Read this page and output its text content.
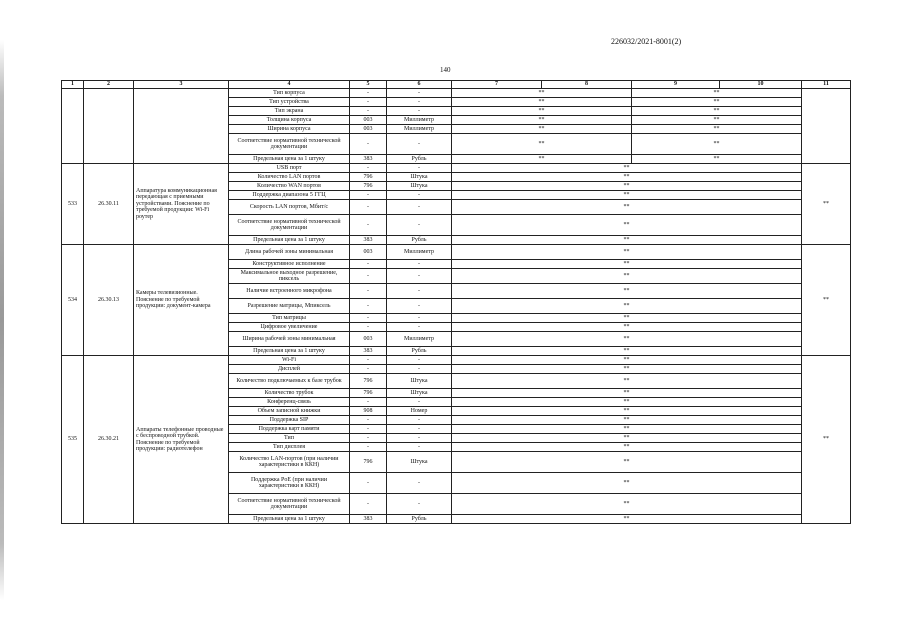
226032/2021-8001(2)
140
1	2	3	4	5	6	7	8	9	10	11
			Тип корпуса	-	-	**		**		
			Тип устройства	-	-	**		**		
			Тип экрана	-	-	**		**		
			Толщина корпуса	003	Миллиметр	**		**		
			Ширина корпуса	003	Миллиметр	**		**		
			Соответствие нормативной технической документации	-	-	**		**		
			Предельная цена за 1 штуку	383	Рубль	**		**		
533	26.30.11	Аппаратура коммуникационная передающая с приемными устройствами. Пояснение по требуемой продукции: Wi-Fi роутер	USB порт	-	-	**				**
			Количество LAN портов	796	Штука	**				
			Количество WAN портов	796	Штука	**				
			Поддержка диапазона 5 ГГЦ	-	-	**				
			Скорость LAN портов, Мбит/с	-	-	**				
			Соответствие нормативной технической документации	-	-	**				
			Предельная цена за 1 штуку	383	Рубль	**				
534	26.30.13	Камеры телевизионные. Пояснение по требуемой продукции: документ-камера	Длина рабочей зоны минимальная	003	Миллиметр	**				**
			Конструктивное исполнение	-	-	**				
			Максимальное выходное разрешение, пиксель	-	-	**				
			Наличие встроенного микрофона	-	-	**				
			Разрешение матрицы, Мпиксель	-	-	**				
			Тип матрицы	-	-	**				
			Цифровое увеличение	-	-	**				
			Ширина рабочей зоны минимальная	003	Миллиметр	**				
			Предельная цена за 1 штуку	383	Рубль	**				
535	26.30.21	Аппараты телефонные проводные с беспроводной трубкой. Пояснение по требуемой продукции: радиотелефон	Wi-Fi	-	-	**				**
			Дисплей	-	-	**				
			Количество подключаемых к базе трубок	796	Штука	**				
			Количество трубок	796	Штука	**				
			Конференц-связь	-	-	**				
			Объем записной книжки	908	Номер	**				
			Поддержка SIP	-	-	**				
			Поддержка карт памяти	-	-	**				
			Тип	-	-	**				
			Тип дисплея	-	-	**				
			Количество LAN-портов (при наличии характеристики в ККН)	796	Штука	**				
			Поддержка PoE (при наличии характеристики в ККН)	-	-	**				
			Соответствие нормативной технической документации	-	-	**				
			Предельная цена за 1 штуку	383	Рубль	**				
